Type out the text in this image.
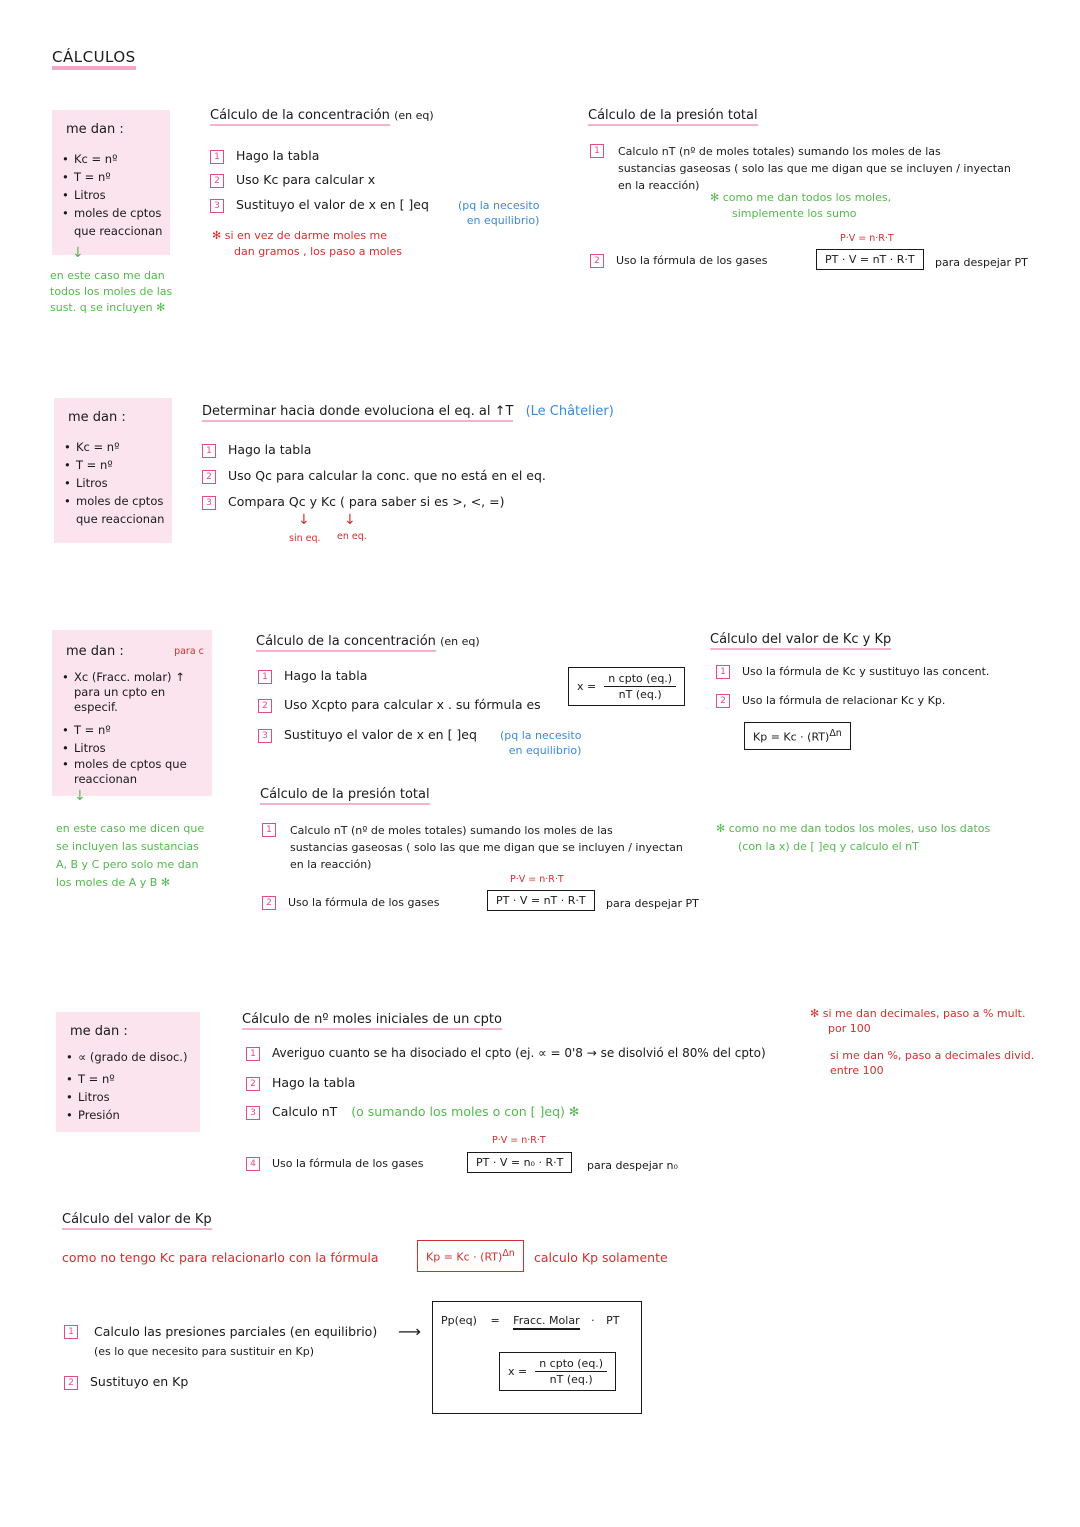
CÁLCULOS
me dan :
• Kc = nº
• T = nº
• Litros
• moles de cptos que reaccionan
↓
en este caso me dan
todos los moles de las
sust. q se incluyen ✻
Cálculo de la concentración (en eq)
1 Hago la tabla
2 Uso Kc para calcular x
3 Sustituyo el valor de x en [ ]eq	(pq la necesito
en equilibrio)
✻ si en vez de darme moles me
dan gramos , los paso a moles
Cálculo de la presión total
1	Calculo nT (nº de moles totales) sumando los moles de las
sustancias gaseosas ( solo las que me digan que se incluyen / inyectan
en la reacción)
✻ como me dan todos los moles,
simplemente los sumo
P·V = n·R·T
2 Uso la fórmula de los gases	PT · V = nT · R·T	para despejar PT
me dan :
• Kc = nº
• T = nº
• Litros
• moles de cptos que reaccionan
Determinar hacia donde evoluciona el eq. al ↑T (Le Châtelier)
1 Hago la tabla
2 Uso Qc para calcular la conc. que no está en el eq.
3 Compara Qc y Kc ( para saber si es >, <, =)
↓ ↓
sin eq. en eq.
me dan :	para c
• Xc (Fracc. molar) ↑ para un cpto en especif.
• T = nº
• Litros
• moles de cptos que reaccionan
↓
en este caso me dicen que
se incluyen las sustancias
A, B y C pero solo me dan
los moles de A y B ✻
Cálculo de la concentración (en eq)
1 Hago la tabla
2 Uso Xcpto para calcular x . su fórmula es
3 Sustituyo el valor de x en [ ]eq
$x = \frac{\text{n cpto (eq.)}}{nT (eq.)}$
(pq la necesito
en equilibrio)
Cálculo del valor de Kc y Kp
1 Uso la fórmula de Kc y sustituyo las concent.
2 Uso la fórmula de relacionar Kc y Kp.
Kp = Kc · (RT)$^{\Delta n}$
Cálculo de la presión total
1	Calculo nT (nº de moles totales) sumando los moles de las
sustancias gaseosas ( solo las que me digan que se incluyen / inyectan
en la reacción)
✻ como no me dan todos los moles, uso los datos
(con la x) de [ ]eq y calculo el nT
P·V = n·R·T
2 Uso la fórmula de los gases	PT · V = nT · R·T	para despejar PT
me dan :
• ∝ (grado de disoc.)
• T = nº
• Litros
• Presión
Cálculo de nº moles iniciales de un cpto
1 Averiguo cuanto se ha disociado el cpto (ej. ∝ = 0'8 → se disolvió el 80% del cpto)
2 Hago la tabla
3 Calculo nT (o sumando los moles o con [ ]eq) ✻
P·V = n·R·T
4 Uso la fórmula de los gases	PT · V = n₀ · R·T	para despejar n₀
✻ si me dan decimales, paso a % mult.
por 100
si me dan %, paso a decimales divid.
entre 100
Cálculo del valor de Kp
como no tengo Kc para relacionarlo con la fórmula	Kp = Kc · (RT)$^{\Delta n}$	calculo Kp solamente
1	Calculo las presiones parciales (en equilibrio)
(es lo que necesito para sustituir en Kp)
⟶
2 Sustituyo en Kp
Pp(eq) = Fracc. Molar · PT
$x = \frac{\text{n cpto (eq.)}}{nT (eq.)}$
